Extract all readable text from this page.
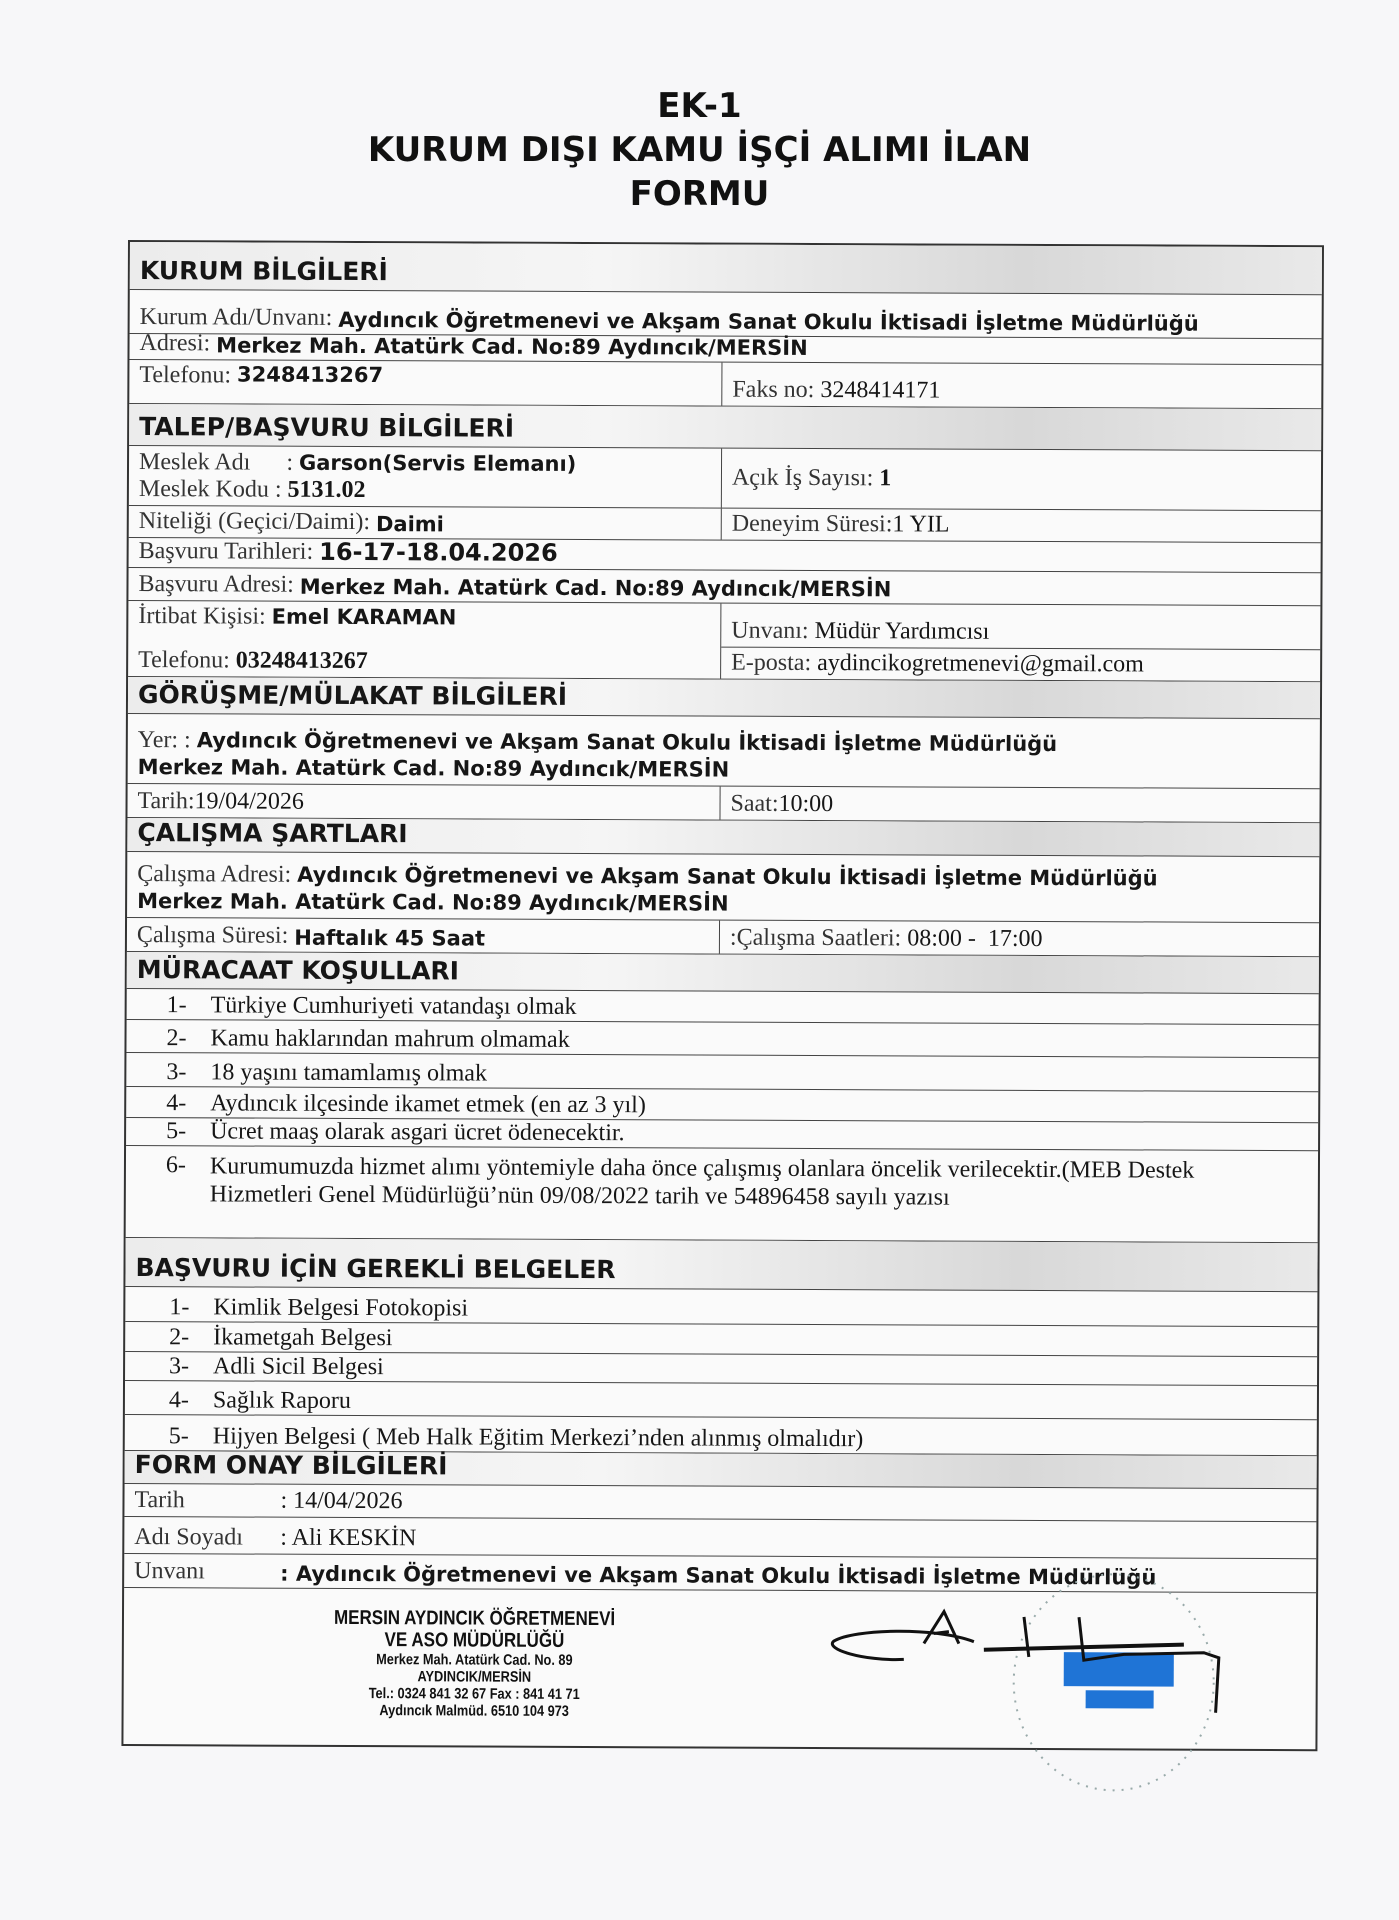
EK-1
KURUM DIŞI KAMU İŞÇİ ALIMI İLAN
FORMU
KURUM BİLGİLERİ
Kurum Adı/Unvanı: Aydıncık Öğretmenevi ve Akşam Sanat Okulu İktisadi İşletme Müdürlüğü
Adresi: Merkez Mah. Atatürk Cad. No:89 Aydıncık/MERSİN
Telefonu: 3248413267
Faks no: 3248414171
TALEP/BAŞVURU BİLGİLERİ
Meslek Adı      : Garson(Servis Elemanı)
Meslek Kodu : 5131.02	Açık İş Sayısı: 1
Niteliği (Geçici/Daimi): Daimi	Deneyim Süresi: 1 YIL
Başvuru Tarihleri: 16-17-18.04.2026
Başvuru Adresi: Merkez Mah. Atatürk Cad. No:89 Aydıncık/MERSİN
İrtibat Kişisi: Emel KARAMAN
Telefonu: 03248413267
Unvanı: Müdür Yardımcısı
E-posta: aydincikogretmenevi@gmail.com
GÖRÜŞME/MÜLAKAT BİLGİLERİ
Yer: : Aydıncık Öğretmenevi ve Akşam Sanat Okulu İktisadi İşletme Müdürlüğü
Merkez Mah. Atatürk Cad. No:89 Aydıncık/MERSİN
Tarih: 19/04/2026	Saat: 10:00
ÇALIŞMA ŞARTLARI
Çalışma Adresi: Aydıncık Öğretmenevi ve Akşam Sanat Okulu İktisadi İşletme Müdürlüğü
Merkez Mah. Atatürk Cad. No:89 Aydıncık/MERSİN
Çalışma Süresi: Haftalık 45 Saat	:Çalışma Saatleri: 08:00 -  17:00
MÜRACAAT KOŞULLARI
1- Türkiye Cumhuriyeti vatandaşı olmak
2- Kamu haklarından mahrum olmamak
3- 18 yaşını tamamlamış olmak
4- Aydıncık ilçesinde ikamet etmek (en az 3 yıl)
5- Ücret maaş olarak asgari ücret ödenecektir.
6- Kurumumuzda hizmet alımı yöntemiyle daha önce çalışmış olanlara öncelik verilecektir.(MEB Destek Hizmetleri Genel Müdürlüğü’nün 09/08/2022 tarih ve 54896458 sayılı yazısı
BAŞVURU İÇİN GEREKLİ BELGELER
1- Kimlik Belgesi Fotokopisi
2- İkametgah Belgesi
3- Adli Sicil Belgesi
4- Sağlık Raporu
5- Hijyen Belgesi ( Meb Halk Eğitim Merkezi’nden alınmış olmalıdır)
FORM ONAY BİLGİLERİ
Tarih	: 14/04/2026
Adı Soyadı	: Ali KESKİN
Unvanı	: Aydıncık Öğretmenevi ve Akşam Sanat Okulu İktisadi İşletme Müdürlüğü
MERSIN AYDINCIK ÖĞRETMENEVİ
VE ASO MÜDÜRLÜĞÜ
Merkez Mah. Atatürk Cad. No. 89
AYDINCIK/MERSİN
Tel.: 0324 841 32 67 Fax : 841 41 71
Aydıncık Malmüd. 6510 104 973
